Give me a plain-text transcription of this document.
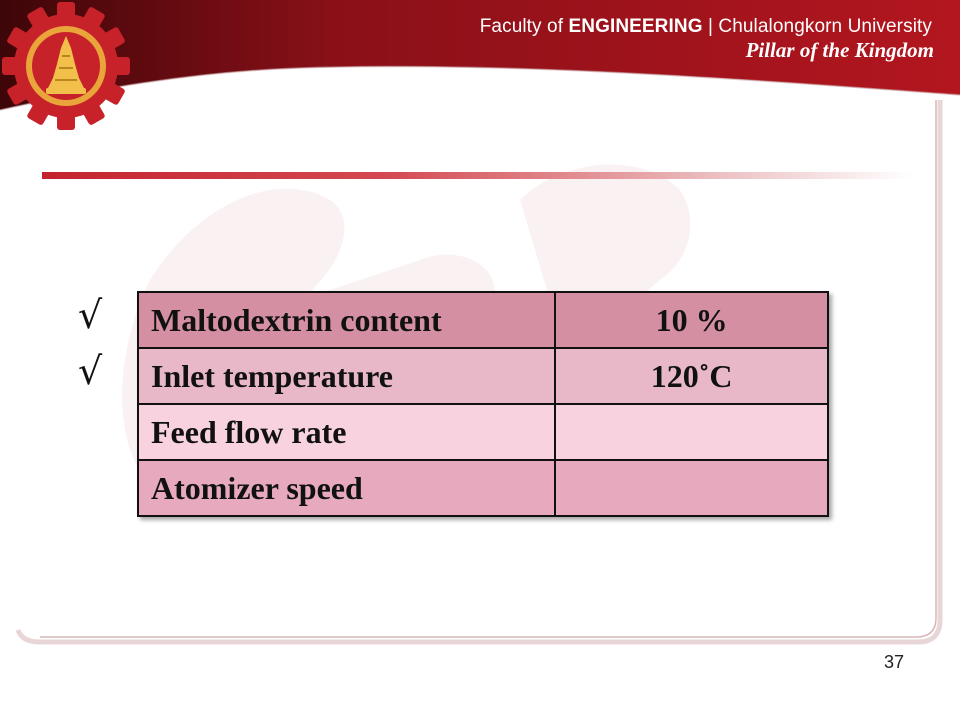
Faculty of ENGINEERING | Chulalongkorn University
Pillar of the Kingdom
√
√
Maltodextrin content	10 %
Inlet temperature	120˚C
Feed flow rate	
Atomizer speed	
37
